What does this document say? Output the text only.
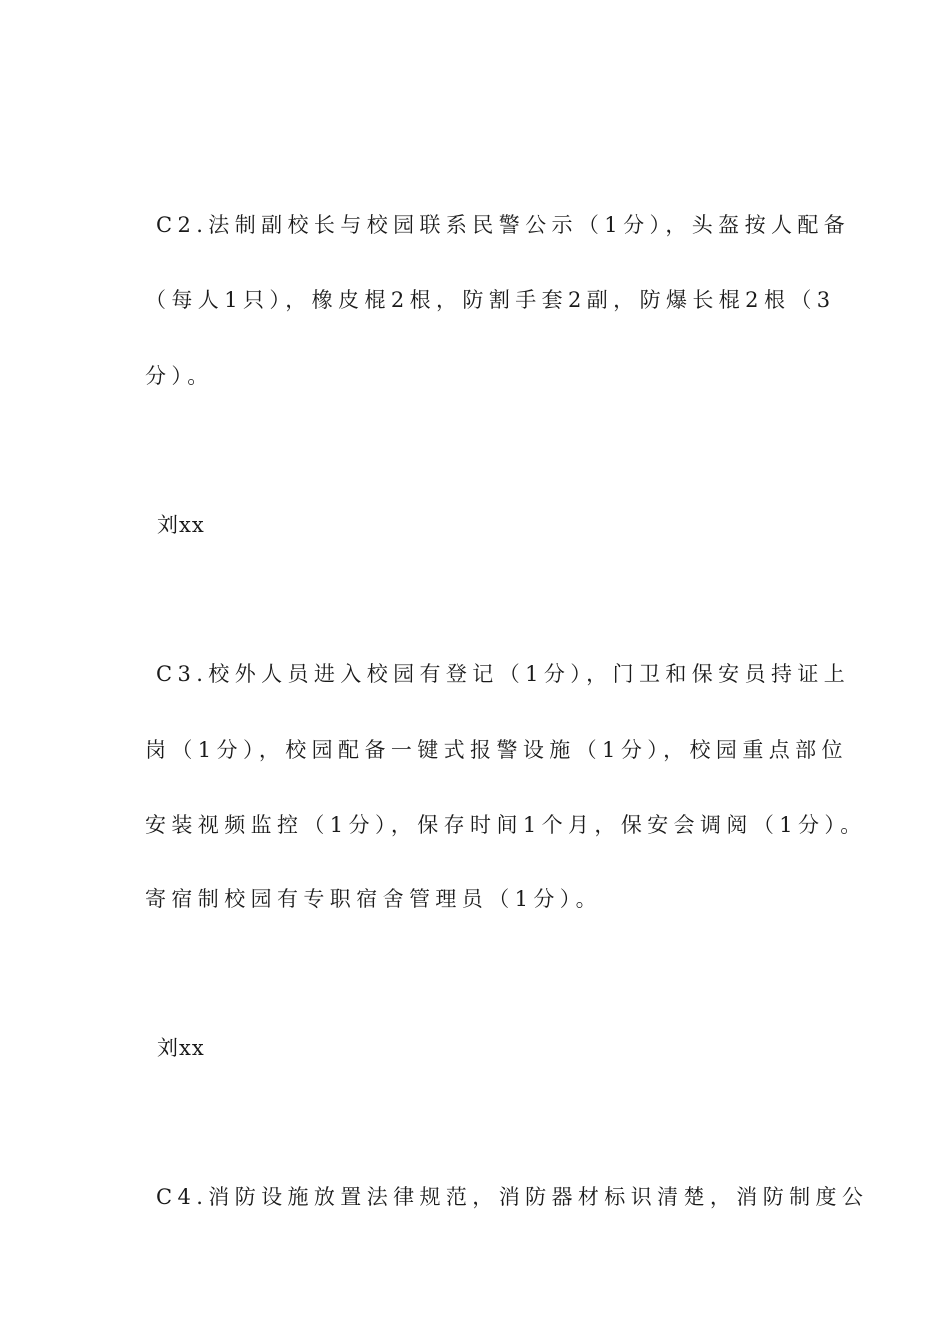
C2.法制副校长与校园联系民警公示（1分），头盔按人配备
（每人1只），橡皮棍2根，防割手套2副，防爆长棍2根（3
分）。
刘xx
C3.校外人员进入校园有登记（1分），门卫和保安员持证上
岗（1分），校园配备一键式报警设施（1分），校园重点部位
安装视频监控（1分），保存时间1个月，保安会调阅（1分）。
寄宿制校园有专职宿舍管理员（1分）。
刘xx
C4.消防设施放置法律规范，消防器材标识清楚，消防制度公
